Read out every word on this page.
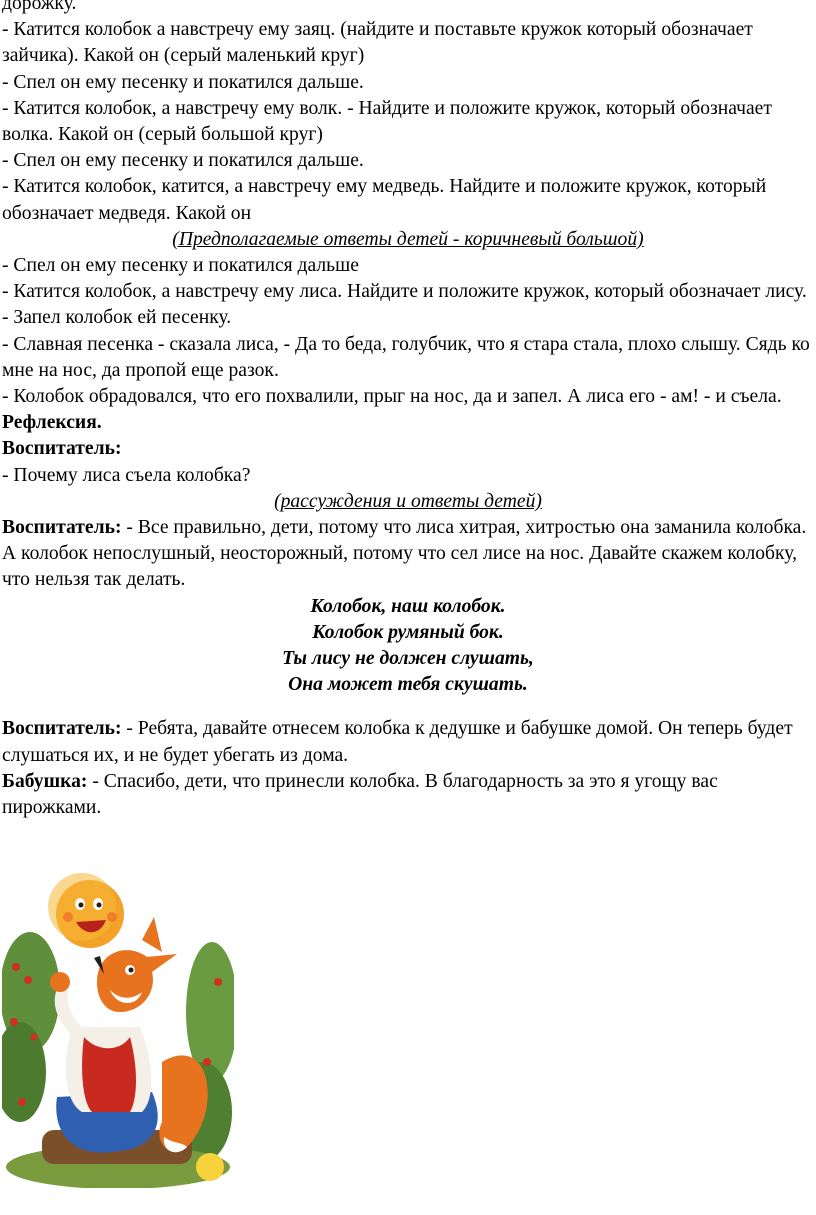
дорожку.

- Катится колобок а навстречу ему заяц. (найдите и поставьте кружок который обозначает зайчика). Какой он (серый маленький круг)

- Спел он ему песенку и покатился дальше.

- Катится колобок, а навстречу ему волк. - Найдите и положите кружок, который обозначает волка. Какой он (серый большой круг)

- Спел он ему песенку и покатился дальше.

- Катится колобок, катится, а навстречу ему медведь. Найдите и положите кружок, который обозначает медведя. Какой он

(Предполагаемые ответы детей - коричневый большой)

- Спел он ему песенку и покатился дальше

- Катится колобок, а навстречу ему лиса. Найдите и положите кружок, который обозначает лису.

- Запел колобок ей песенку.

- Славная песенка - сказала лиса, - Да то беда, голубчик, что я стара стала, плохо слышу. Сядь ко мне на нос, да пропой еще разок.

- Колобок обрадовался, что его похвалили, прыг на нос, да и запел. А лиса его - ам! - и съела.

Рефлексия.

Воспитатель:

- Почему лиса съела колобка?

(рассуждения и ответы детей)

Воспитатель: - Все правильно, дети, потому что лиса хитрая, хитростью она заманила колобка. А колобок непослушный, неосторожный, потому что сел лисе на нос. Давайте скажем колобку, что нельзя так делать.

Колобок, наш колобок.

Колобок румяный бок.

Ты лису не должен слушать,

Она может тебя скушать.

Воспитатель: - Ребята, давайте отнесем колобка к дедушке и бабушке домой. Он теперь будет слушаться их, и не будет убегать из дома.

Бабушка: - Спасибо, дети, что принесли колобка. В благодарность за это я угощу вас пирожками.
